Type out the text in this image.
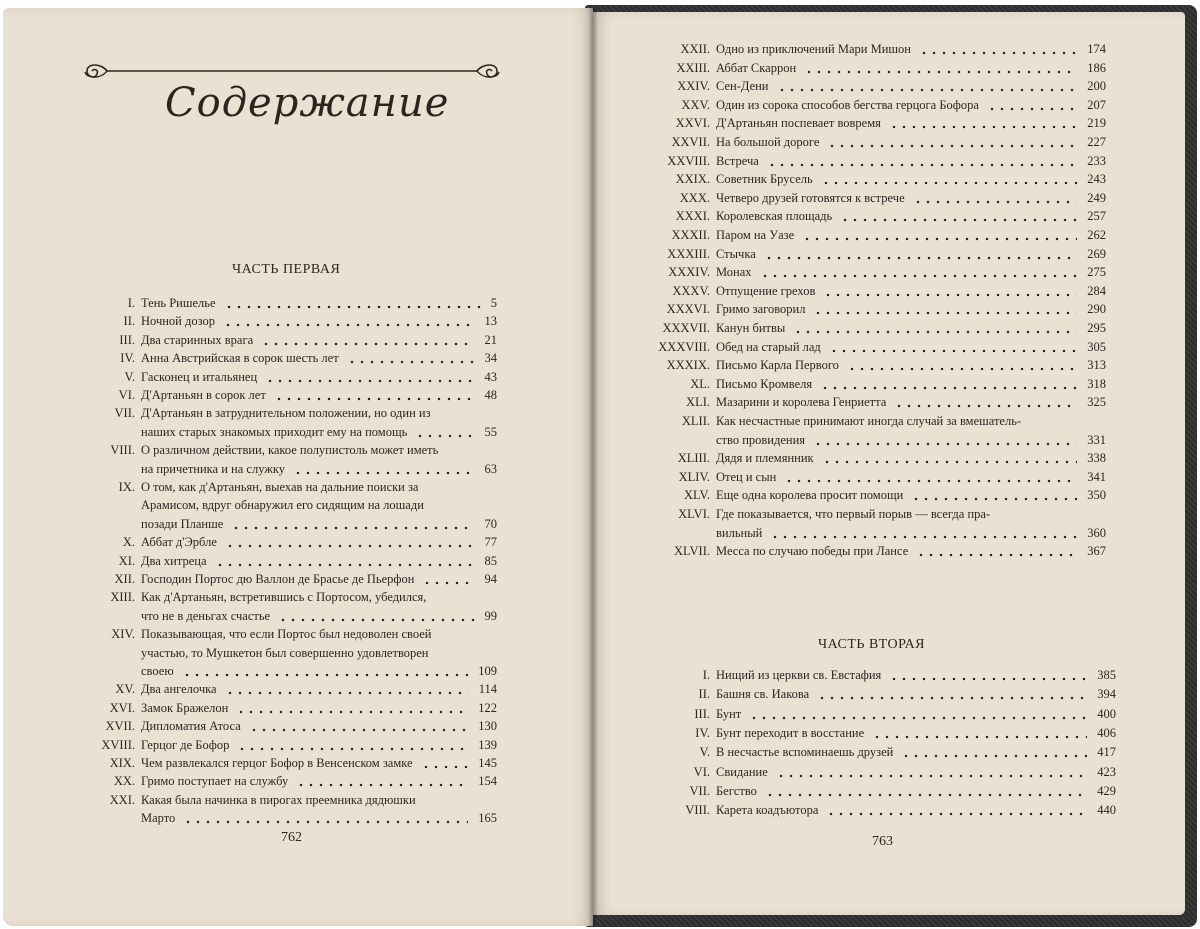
Содержание
ЧАСТЬ ПЕРВАЯ
ЧАСТЬ ВТОРАЯ
I. Тень Ришелье	5
II. Ночной дозор	13
III. Два старинных врага	21
IV. Анна Австрийская в сорок шесть лет	34
V. Гасконец и итальянец	43
VI. Д'Артаньян в сорок лет	48
VII. Д'Артаньян в затруднительном положении, но один из
наших старых знакомых приходит ему на помощь	55
VIII. О различном действии, какое полупистоль может иметь
на причетника и на служку	63
IX. О том, как д'Артаньян, выехав на дальние поиски за
Арамисом, вдруг обнаружил его сидящим на лошади
позади Планше	70
X. Аббат д'Эрбле	77
XI. Два хитреца	85
XII. Господин Портос дю Валлон де Брасье де Пьерфон	94
XIII. Как д'Артаньян, встретившись с Портосом, убедился,
что не в деньгах счастье	99
XIV. Показывающая, что если Портос был недоволен своей
участью, то Мушкетон был совершенно удовлетворен
своею	109
XV. Два ангелочка	114
XVI. Замок Бражелон	122
XVII. Дипломатия Атоса	130
XVIII. Герцог де Бофор	139
XIX. Чем развлекался герцог Бофор в Венсенском замке	145
XX. Гримо поступает на службу	154
XXI. Какая была начинка в пирогах преемника дядюшки
Марто	165
XXII. Одно из приключений Мари Мишон	174
XXIII. Аббат Скаррон	186
XXIV. Сен-Дени	200
XXV. Один из сорока способов бегства герцога Бофора	207
XXVI. Д'Артаньян поспевает вовремя	219
XXVII. На большой дороге	227
XXVIII. Встреча	233
XXIX. Советник Брусель	243
XXX. Четверо друзей готовятся к встрече	249
XXXI. Королевская площадь	257
XXXII. Паром на Уазе	262
XXXIII. Стычка	269
XXXIV. Монах	275
XXXV. Отпущение грехов	284
XXXVI. Гримо заговорил	290
XXXVII. Канун битвы	295
XXXVIII. Обед на старый лад	305
XXXIX. Письмо Карла Первого	313
XL. Письмо Кромвеля	318
XLI. Мазарини и королева Генриетта	325
XLII. Как несчастные принимают иногда случай за вмешатель-
ство провидения	331
XLIII. Дядя и племянник	338
XLIV. Отец и сын	341
XLV. Еще одна королева просит помощи	350
XLVI. Где показывается, что первый порыв — всегда пра-
вильный	360
XLVII. Месса по случаю победы при Лансе	367
I. Нищий из церкви св. Евстафия	385
II. Башня св. Иакова	394
III. Бунт	400
IV. Бунт переходит в восстание	406
V. В несчастье вспоминаешь друзей	417
VI. Свидание	423
VII. Бегство	429
VIII. Карета коадъютора	440
762	763
